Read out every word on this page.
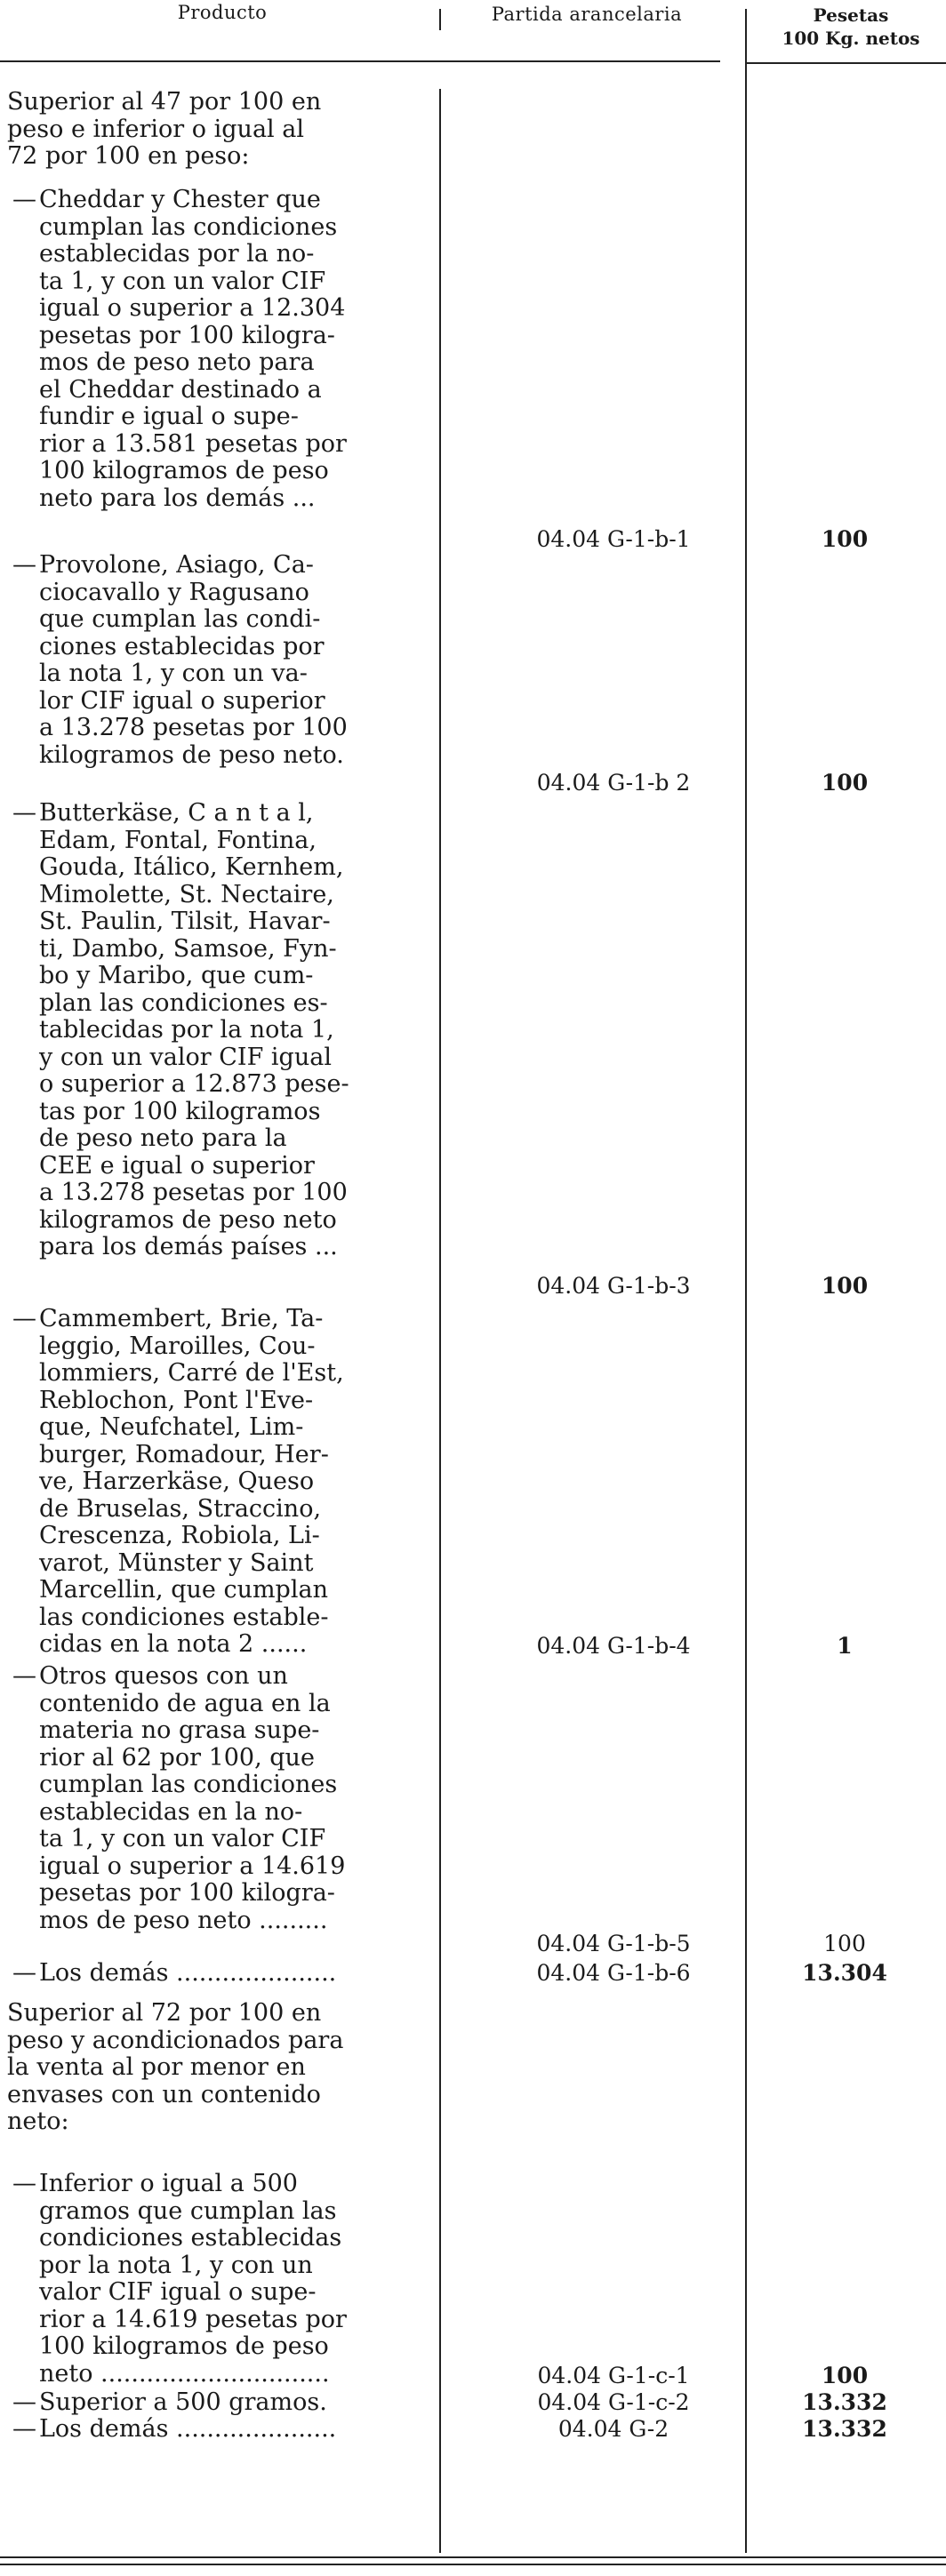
Producto	Partida arancelaria	Pesetas
100 Kg. netos
Superior al 47 por 100 en
peso e inferior o igual al
72 por 100 en peso:
— Cheddar y Chester que
cumplan las condiciones
establecidas por la no-
ta 1, y con un valor CIF
igual o superior a 12.304
pesetas por 100 kilogra-
mos de peso neto para
el Cheddar destinado a
fundir e igual o supe-
rior a 13.581 pesetas por
100 kilogramos de peso
neto para los demás ...
04.04 G-1-b-1	100
— Provolone, Asiago, Ca-
ciocavallo y Ragusano
que cumplan las condi-
ciones establecidas por
la nota 1, y con un va-
lor CIF igual o superior
a 13.278 pesetas por 100
kilogramos de peso neto.
04.04 G-1-b 2	100
— Butterkäse, C a n t a l,
Edam, Fontal, Fontina,
Gouda, Itálico, Kernhem,
Mimolette, St. Nectaire,
St. Paulin, Tilsit, Havar-
ti, Dambo, Samsoe, Fyn-
bo y Maribo, que cum-
plan las condiciones es-
tablecidas por la nota 1,
y con un valor CIF igual
o superior a 12.873 pese-
tas por 100 kilogramos
de peso neto para la
CEE e igual o superior
a 13.278 pesetas por 100
kilogramos de peso neto
para los demás países ...
04.04 G-1-b-3	100
— Cammembert, Brie, Ta-
leggio, Maroilles, Cou-
lommiers, Carré de l'Est,
Reblochon, Pont l'Eve-
que, Neufchatel, Lim-
burger, Romadour, Her-
ve, Harzerkäse, Queso
de Bruselas, Straccino,
Crescenza, Robiola, Li-
varot, Münster y Saint
Marcellin, que cumplan
las condiciones estable-
cidas en la nota 2 ......	04.04 G-1-b-4	1
— Otros quesos con un
contenido de agua en la
materia no grasa supe-
rior al 62 por 100, que
cumplan las condiciones
establecidas en la no-
ta 1, y con un valor CIF
igual o superior a 14.619
pesetas por 100 kilogra-
mos de peso neto .........
04.04 G-1-b-5	100
— Los demás .....................	04.04 G-1-b-6	13.304
Superior al 72 por 100 en
peso y acondicionados para
la venta al por menor en
envases con un contenido
neto:
— Inferior o igual a 500
gramos que cumplan las
condiciones establecidas
por la nota 1, y con un
valor CIF igual o supe-
rior a 14.619 pesetas por
100 kilogramos de peso
neto ..............................	04.04 G-1-c-1	100
— Superior a 500 gramos.	04.04 G-1-c-2	13.332
— Los demás .....................	04.04 G-2	13.332
